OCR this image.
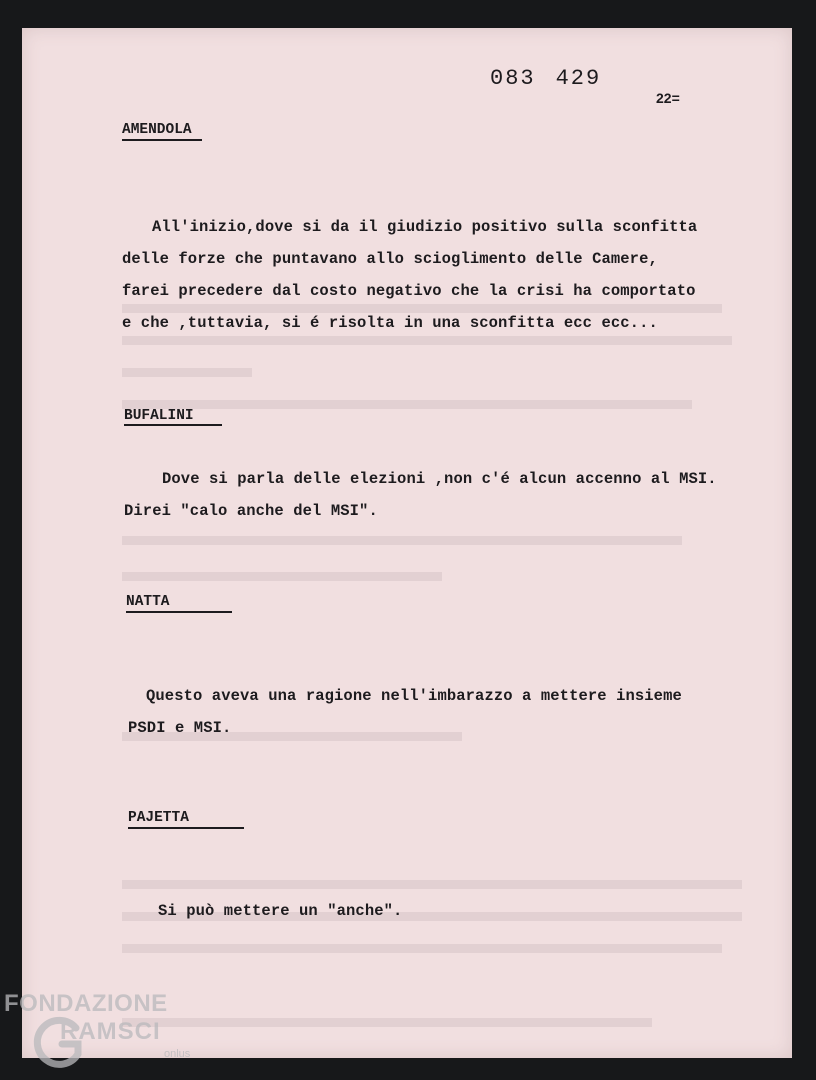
083 429
22=
AMENDOLA
All'inizio,dove si da il giudizio positivo sulla sconfitta
delle forze che puntavano allo scioglimento delle Camere,
farei precedere dal costo negativo che la crisi ha comportato
e che ,tuttavia, si é risolta in una sconfitta ecc ecc...
BUFALINI
Dove si parla delle elezioni ,non c'é alcun accenno al MSI.
Direi "calo anche del MSI".
NATTA
Questo aveva una ragione nell'imbarazzo a mettere insieme
PSDI e MSI.
PAJETTA
Si può mettere un "anche".
FONDAZIONE
RAMSCI
onlus
